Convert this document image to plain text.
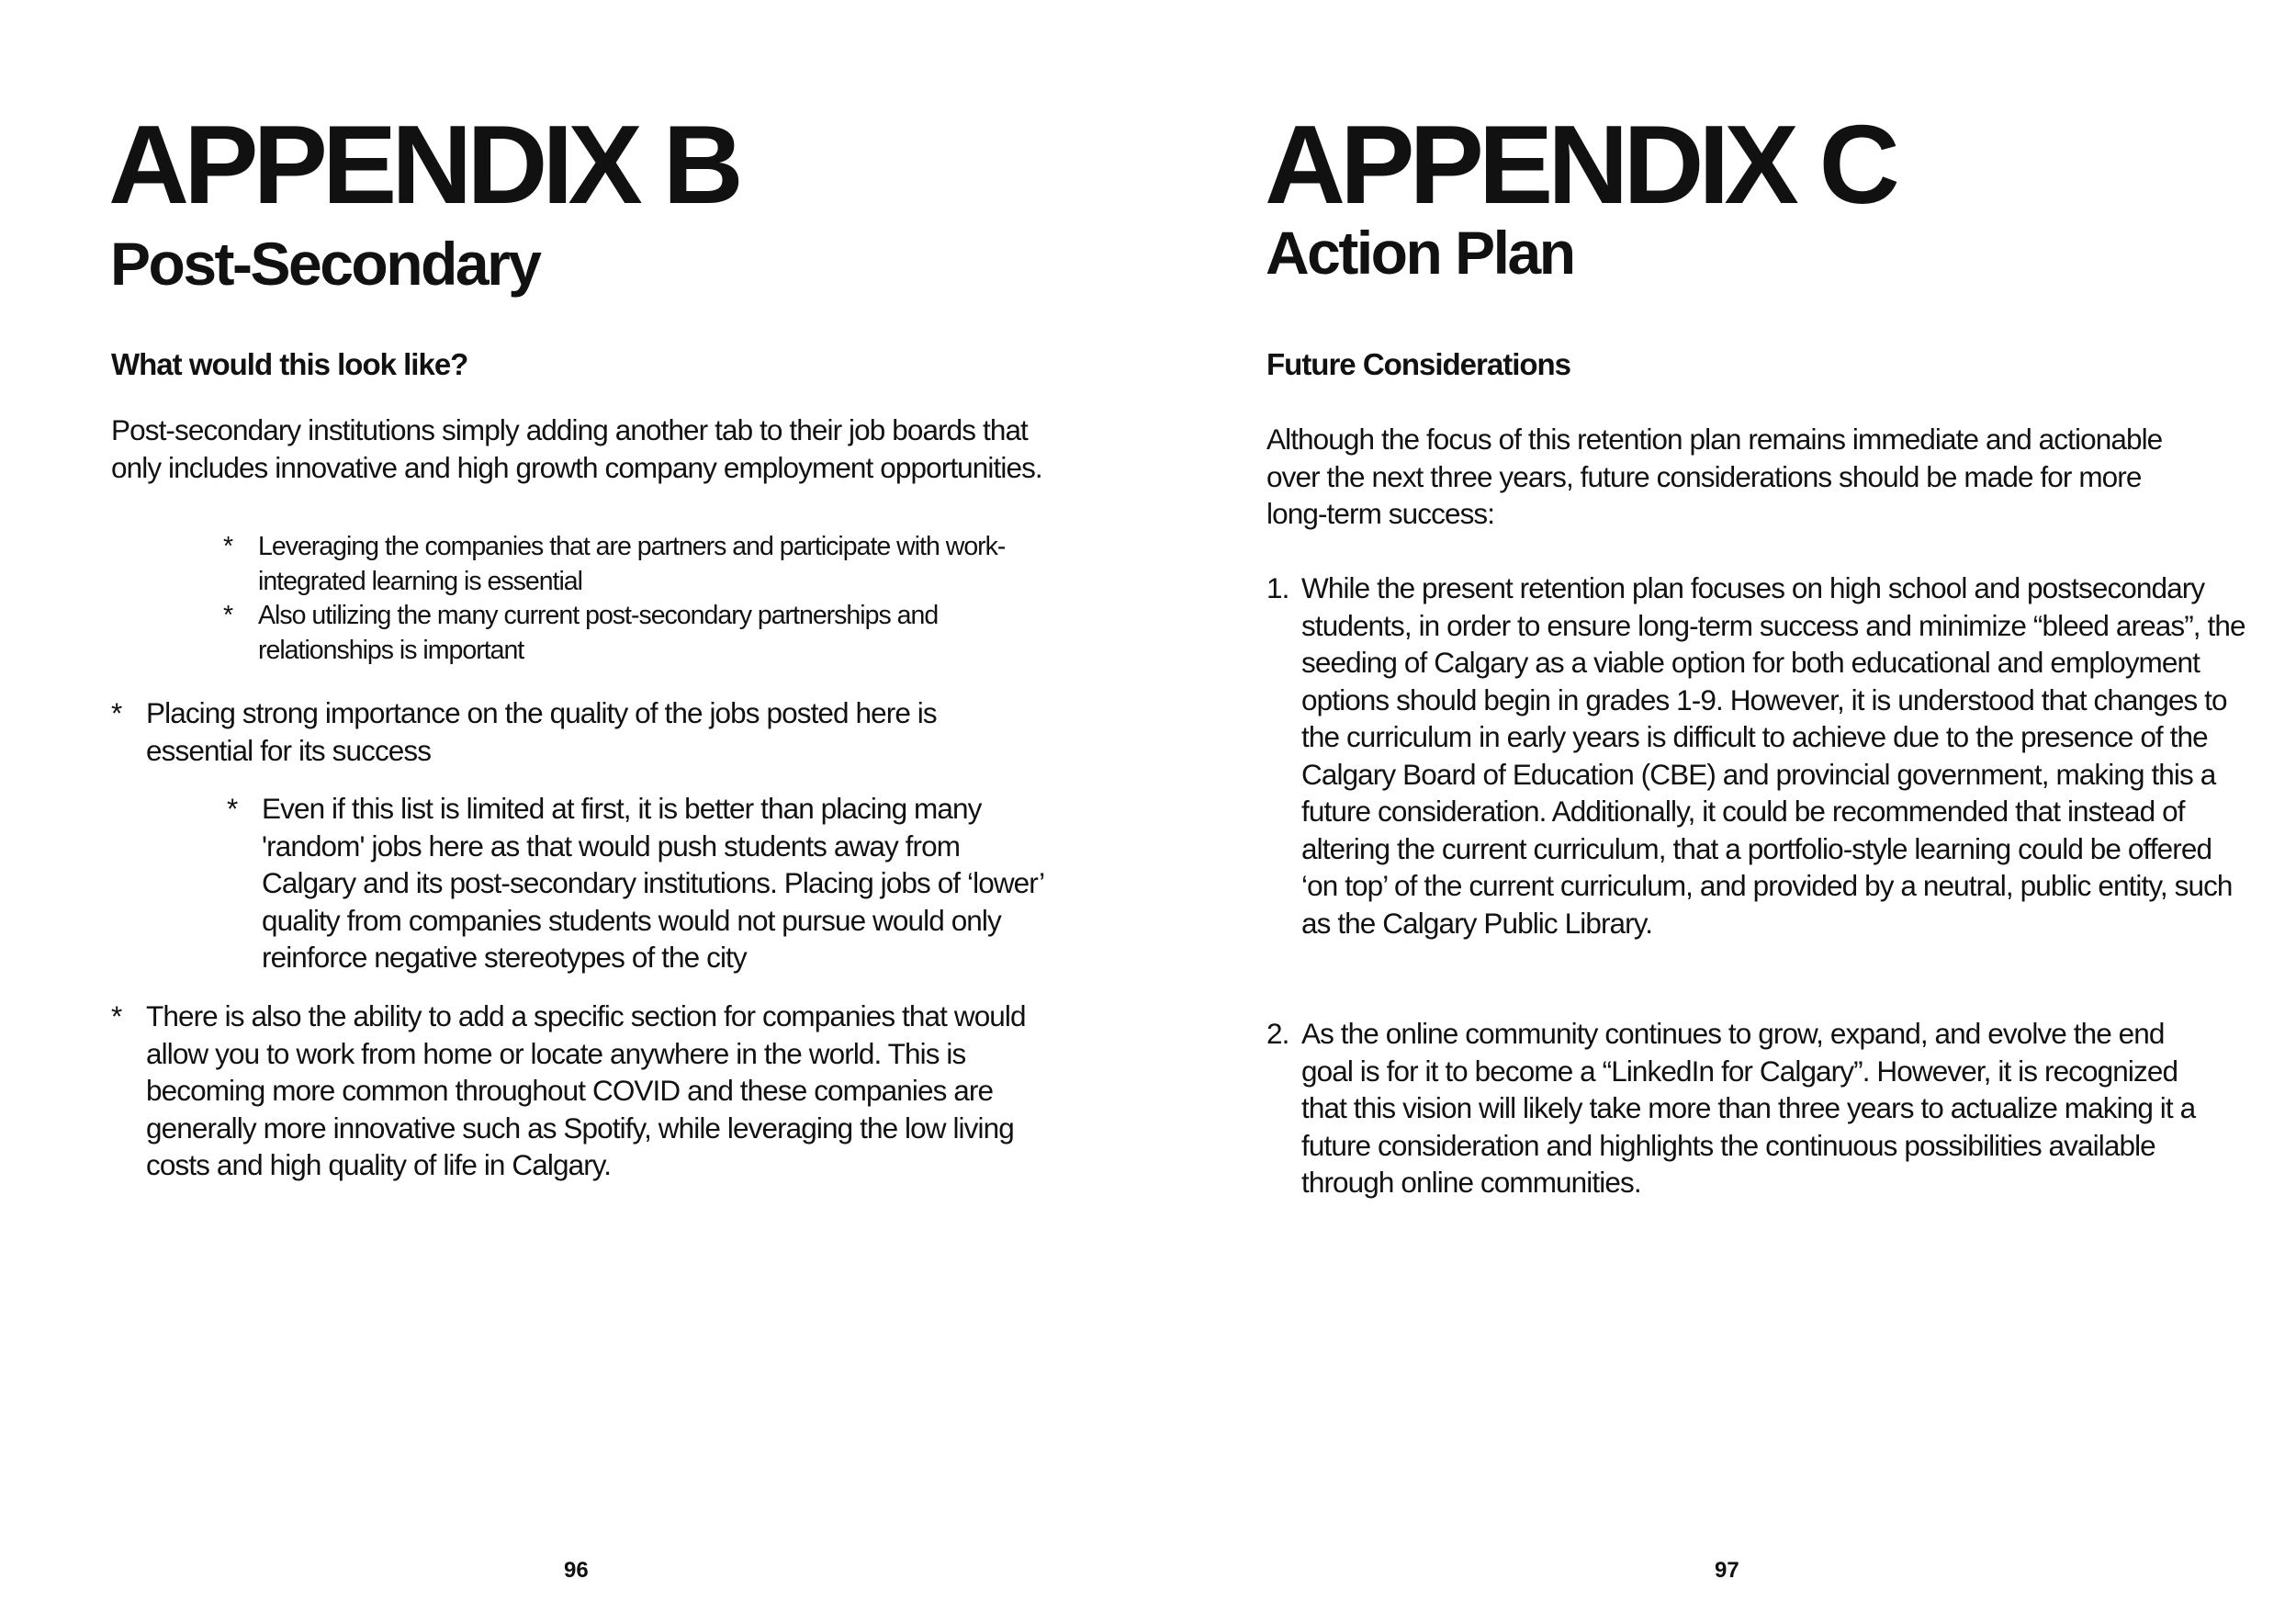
APPENDIX B
Post-Secondary
What would this look like?

Post-secondary institutions simply adding another tab to their job boards that only includes innovative and high growth company employment opportunities.

* Leveraging the companies that are partners and participate with work-integrated learning is essential
* Also utilizing the many current post-secondary partnerships and relationships is important
* Placing strong importance on the quality of the jobs posted here is essential for its success
* Even if this list is limited at first, it is better than placing many 'random' jobs here as that would push students away from Calgary and its post-secondary institutions. Placing jobs of ‘lower’ quality from companies students would not pursue would only reinforce negative stereotypes of the city
* There is also the ability to add a specific section for companies that would allow you to work from home or locate anywhere in the world. This is becoming more common throughout COVID and these companies are generally more innovative such as Spotify, while leveraging the low living costs and high quality of life in Calgary.
96
APPENDIX C
Action Plan
Future Considerations

Although the focus of this retention plan remains immediate and actionable over the next three years, future considerations should be made for more long-term success:

1. While the present retention plan focuses on high school and postsecondary students, in order to ensure long-term success and minimize “bleed areas”, the seeding of Calgary as a viable option for both educational and employment options should begin in grades 1-9. However, it is understood that changes to the curriculum in early years is difficult to achieve due to the presence of the Calgary Board of Education (CBE) and provincial government, making this a future consideration. Additionally, it could be recommended that instead of altering the current curriculum, that a portfolio-style learning could be offered ‘on top’ of the current curriculum, and provided by a neutral, public entity, such as the Calgary Public Library.
2. As the online community continues to grow, expand, and evolve the end goal is for it to become a “LinkedIn for Calgary”. However, it is recognized that this vision will likely take more than three years to actualize making it a future consideration and highlights the continuous possibilities available through online communities.
97
